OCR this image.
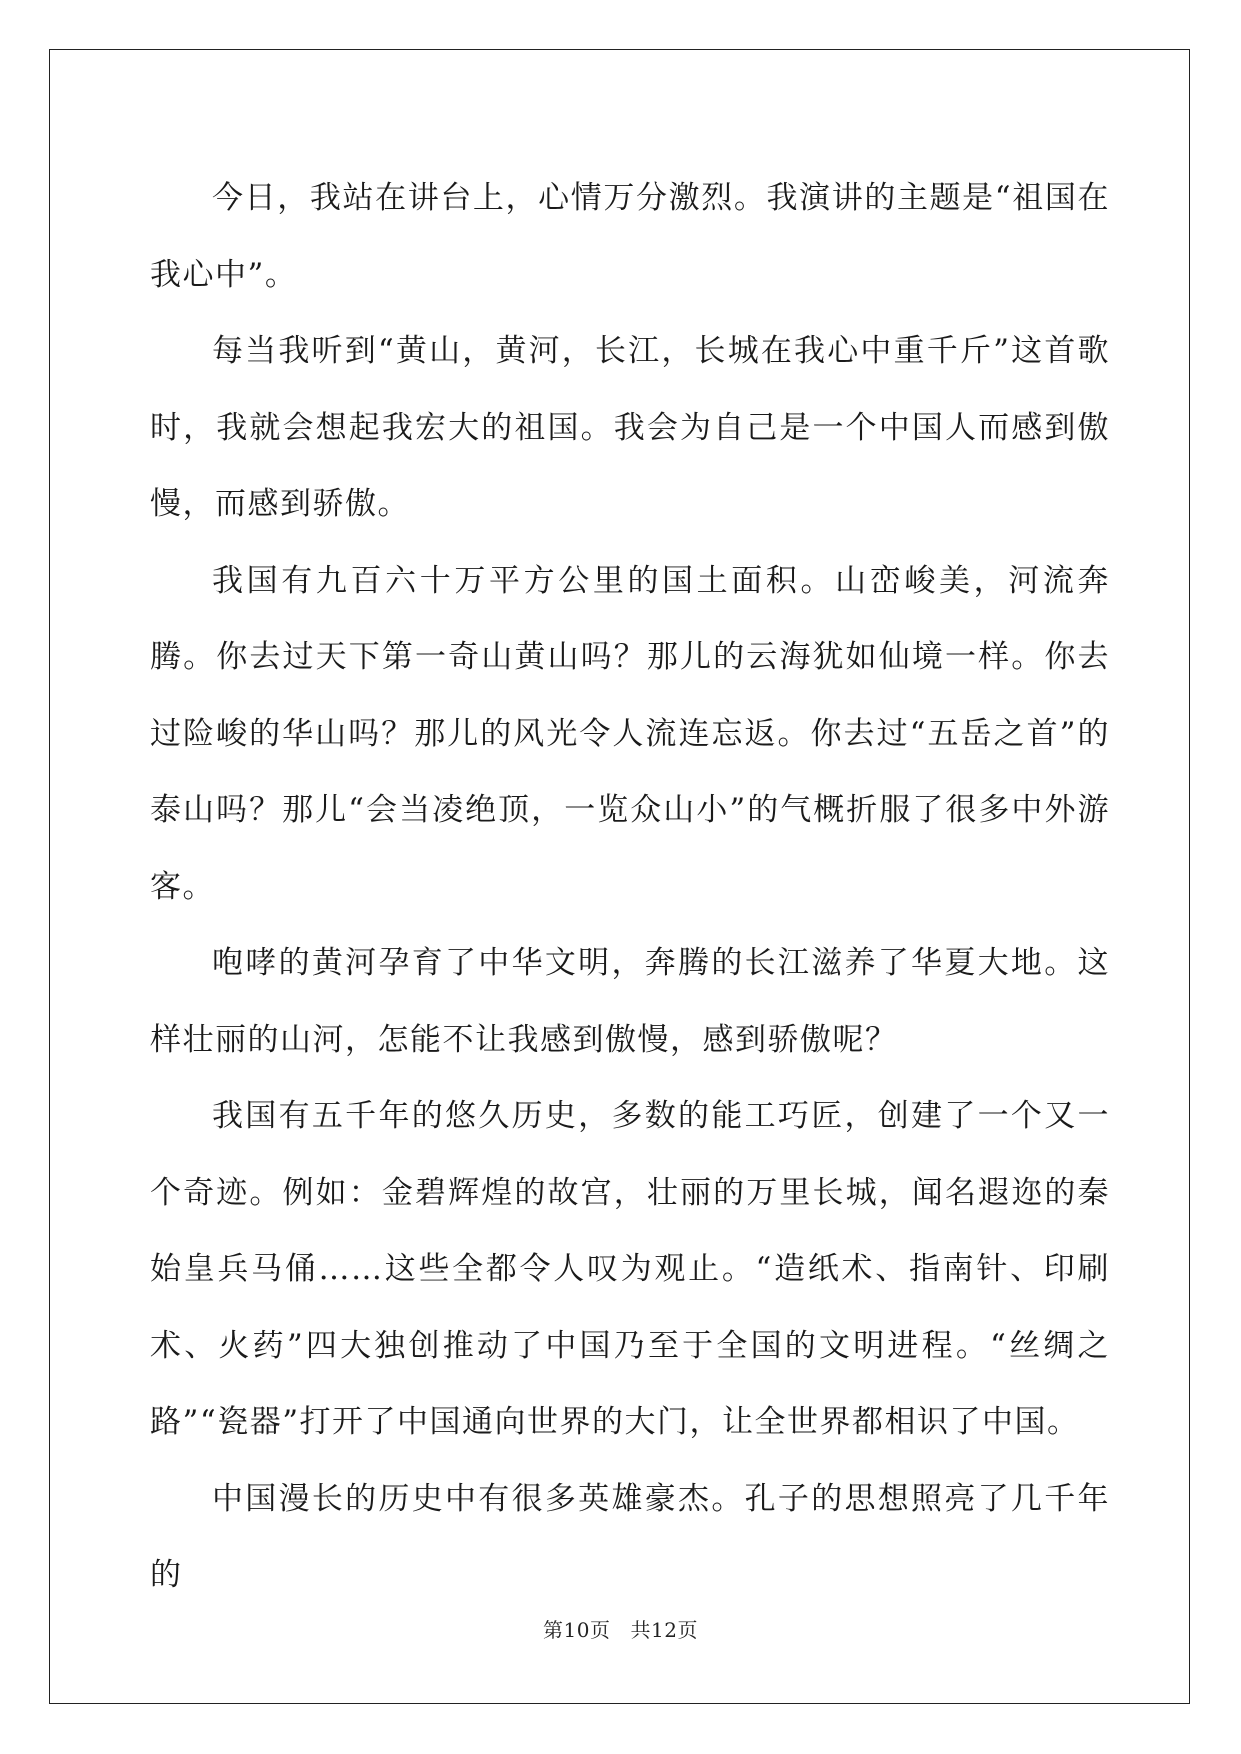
今日，我站在讲台上，心情万分激烈。我演讲的主题是“祖国在我心中”。

每当我听到“黄山，黄河，长江，长城在我心中重千斤”这首歌时，我就会想起我宏大的祖国。我会为自己是一个中国人而感到傲慢，而感到骄傲。

我国有九百六十万平方公里的国土面积。山峦峻美，河流奔腾。你去过天下第一奇山黄山吗？那儿的云海犹如仙境一样。你去过险峻的华山吗？那儿的风光令人流连忘返。你去过“五岳之首”的泰山吗？那儿“会当凌绝顶，一览众山小”的气概折服了很多中外游客。

咆哮的黄河孕育了中华文明，奔腾的长江滋养了华夏大地。这样壮丽的山河，怎能不让我感到傲慢，感到骄傲呢？

我国有五千年的悠久历史，多数的能工巧匠，创建了一个又一个奇迹。例如：金碧辉煌的故宫，壮丽的万里长城，闻名遐迩的秦始皇兵马俑……这些全都令人叹为观止。“造纸术、指南针、印刷术、火药”四大独创推动了中国乃至于全国的文明进程。“丝绸之路”“瓷器”打开了中国通向世界的大门，让全世界都相识了中国。

中国漫长的历史中有很多英雄豪杰。孔子的思想照亮了几千年的

第10页 共12页
